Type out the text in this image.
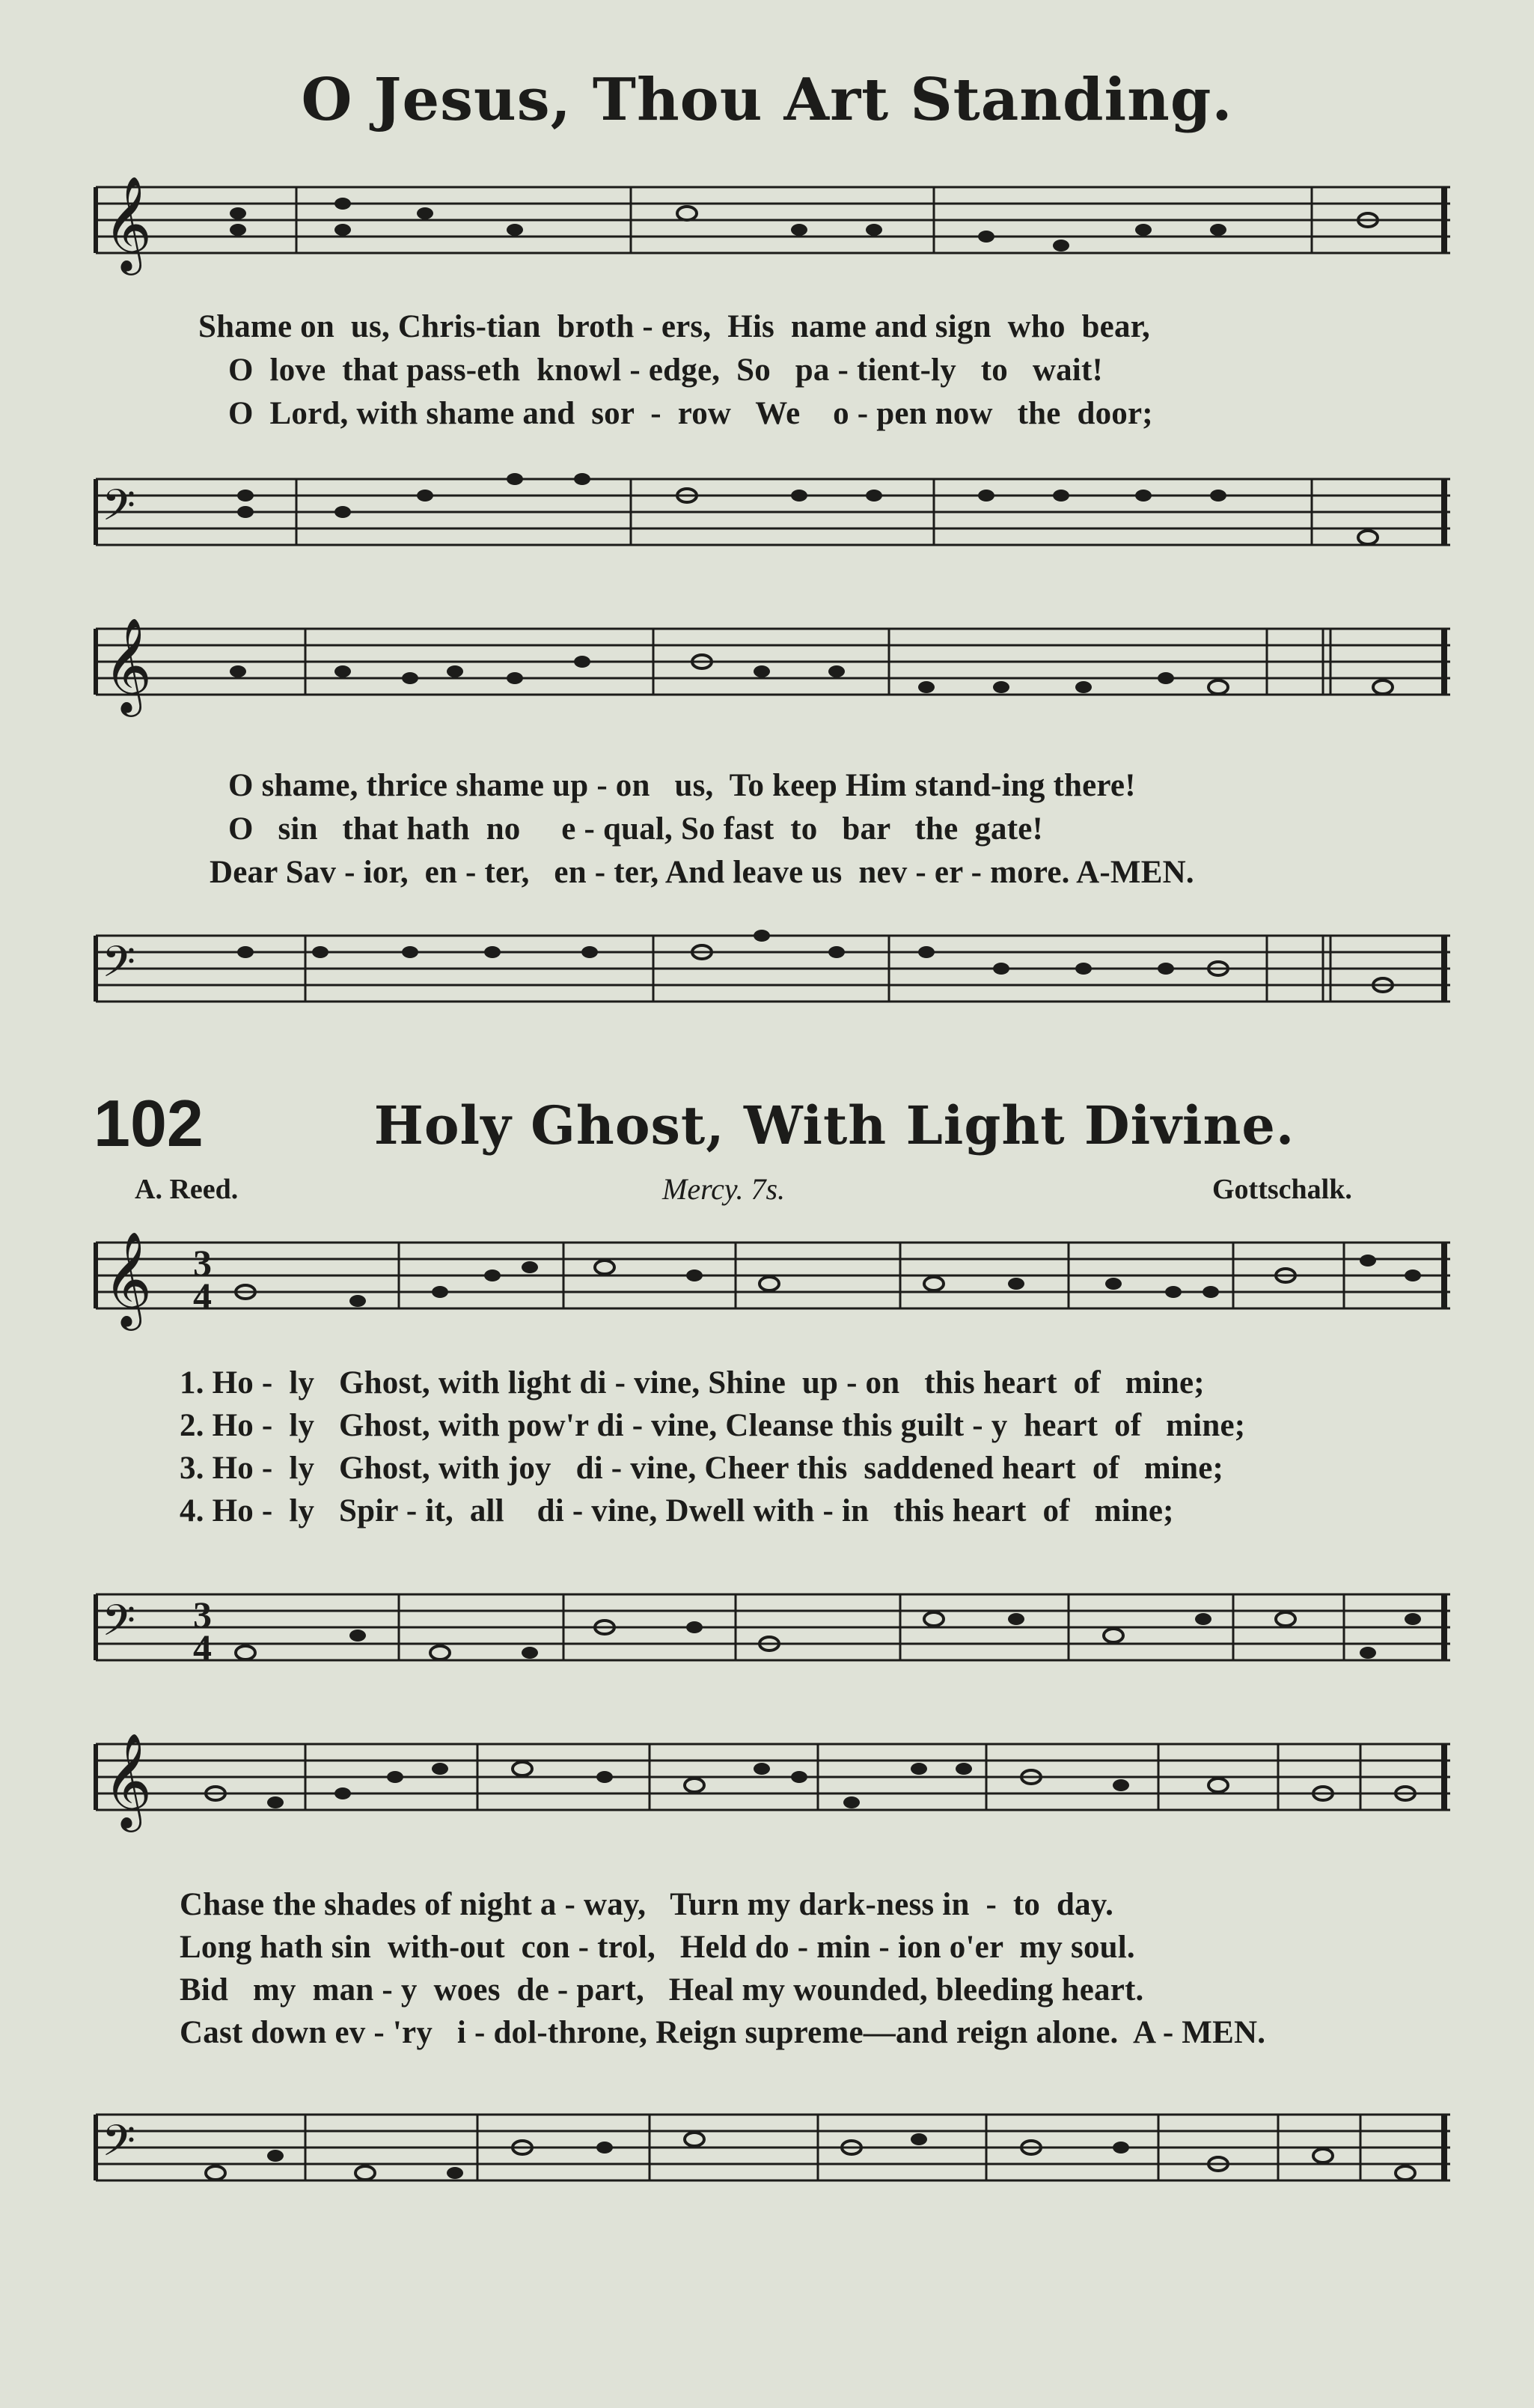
O Jesus, Thou Art Standing.
𝄞
Shame on  us, Chris-tian  broth - ers,  His  name and sign  who  bear,
O  love  that pass-eth  knowl - edge,  So   pa - tient-ly   to   wait!
O  Lord, with shame and  sor  -  row   We    o - pen now   the  door;
𝄢
𝄞
O shame, thrice shame up - on   us,  To keep Him stand-ing there!
O   sin   that hath  no     e - qual, So fast  to   bar   the  gate!
Dear Sav - ior,  en - ter,   en - ter, And leave us  nev - er - more. A-MEN.
𝄢
102	Holy Ghost, With Light Divine.
A. Reed.	Mercy. 7s.	Gottschalk.
𝄞 3
4
1. Ho -  ly   Ghost, with light di - vine, Shine  up - on   this heart  of   mine;
2. Ho -  ly   Ghost, with pow'r di - vine, Cleanse this guilt - y  heart  of   mine;
3. Ho -  ly   Ghost, with joy   di - vine, Cheer this  saddened heart  of   mine;
4. Ho -  ly   Spir - it,  all    di - vine, Dwell with - in   this heart  of   mine;
𝄢 3
4
𝄞
Chase the shades of night a - way,   Turn my dark-ness in  -  to  day.
Long hath sin  with-out  con - trol,   Held do - min - ion o'er  my soul.
Bid   my  man - y  woes  de - part,   Heal my wounded, bleeding heart.
Cast down ev - 'ry   i - dol-throne, Reign supreme—and reign alone.  A - MEN.
𝄢
